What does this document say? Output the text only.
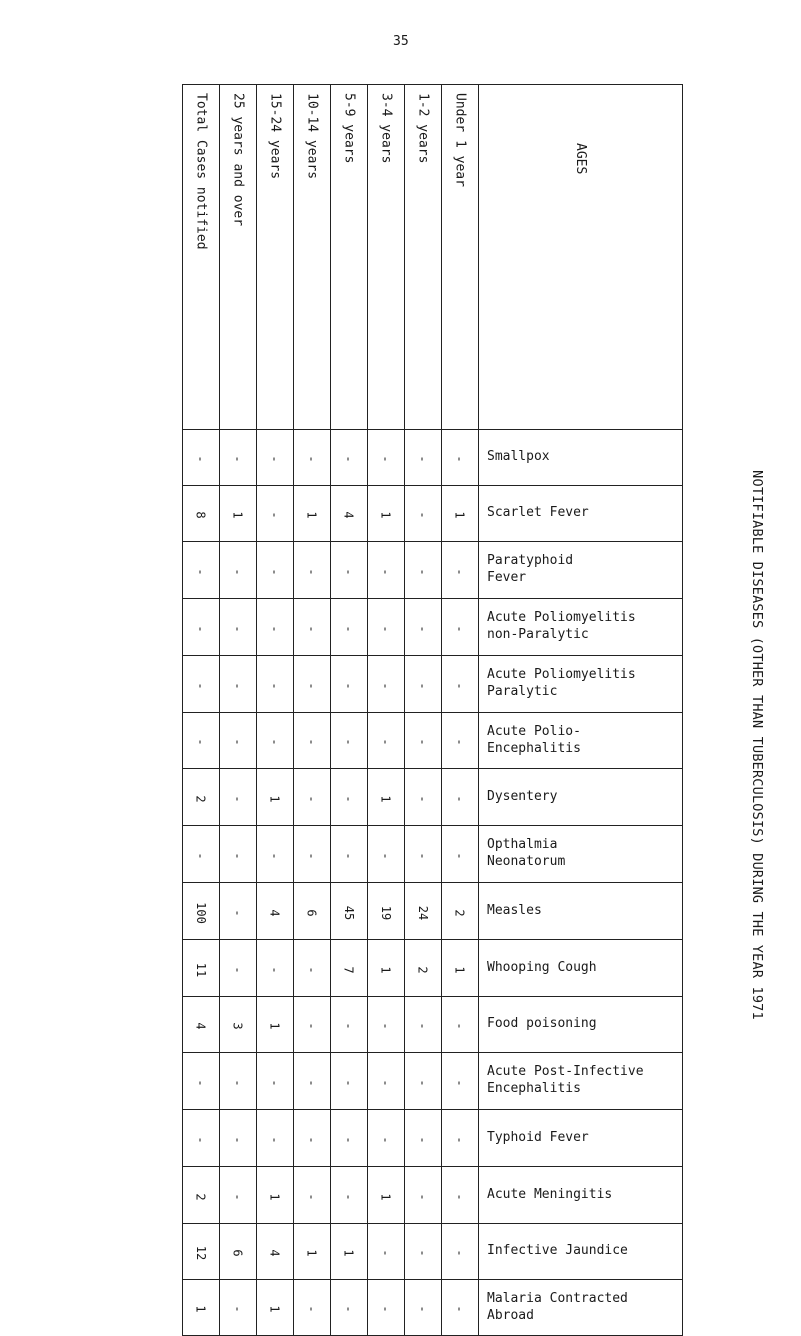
35
Total Cases notified	25 years and over	15-24 years	10-14 years	5-9 years	3-4 years	1-2 years	Under 1 year	AGES

-	-	-	-	-	-	-	-	Smallpox
8	1	-	1	4	1	-	1	Scarlet Fever
-	-	-	-	-	-	-	-	Paratyphoid
Fever
-	-	-	-	-	-	-	-	Acute Poliomyelitis
non-Paralytic
-	-	-	-	-	-	-	-	Acute Poliomyelitis
Paralytic
-	-	-	-	-	-	-	-	Acute Polio-
Encephalitis
2	-	1	-	-	1	-	-	Dysentery
-	-	-	-	-	-	-	-	Opthalmia
Neonatorum
100	-	4	6	45	19	24	2	Measles
11	-	-	-	7	1	2	1	Whooping Cough
4	3	1	-	-	-	-	-	Food poisoning
-	-	-	-	-	-	-	-	Acute Post-Infective
Encephalitis
-	-	-	-	-	-	-	-	Typhoid Fever
2	-	1	-	-	1	-	-	Acute Meningitis
12	6	4	1	1	-	-	-	Infective Jaundice
1	-	1	-	-	-	-	-	Malaria Contracted
Abroad
NOTIFIABLE DISEASES (OTHER THAN TUBERCULOSIS) DURING THE YEAR 1971
